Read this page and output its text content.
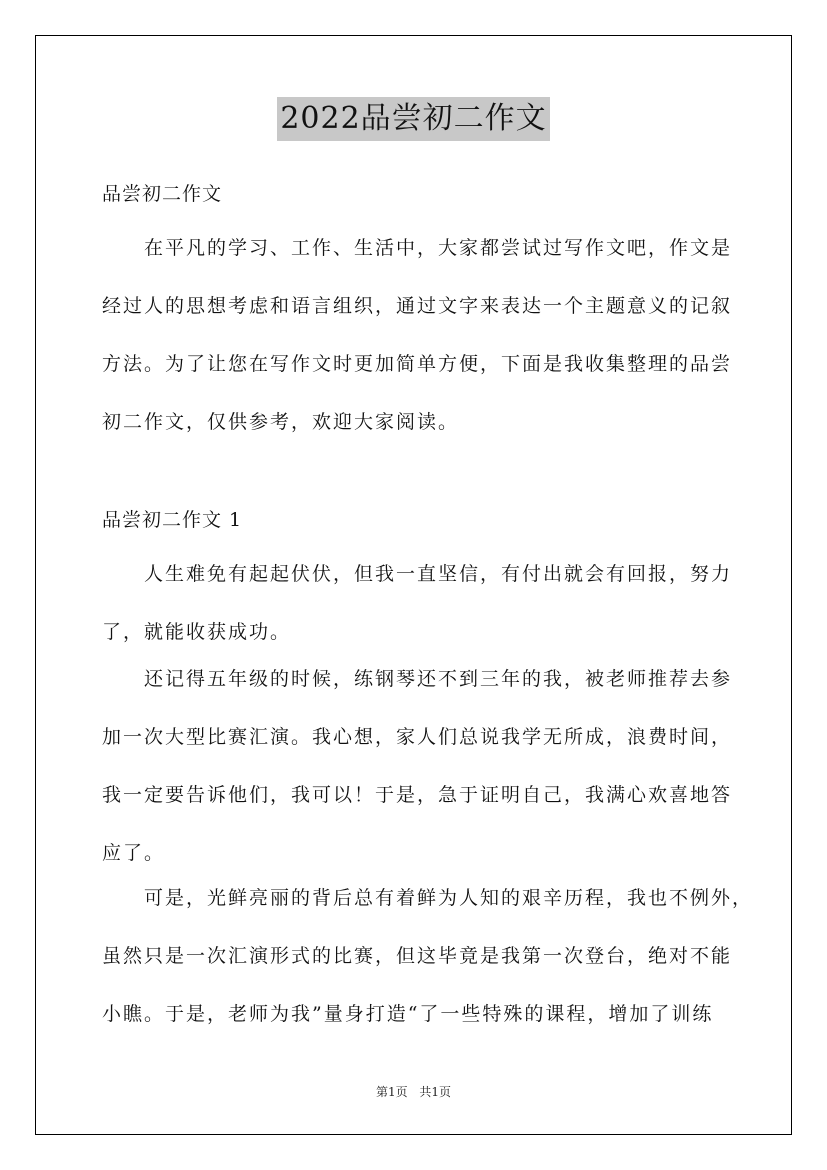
2022品尝初二作文
品尝初二作文
在平凡的学习、工作、生活中，大家都尝试过写作文吧，作文是
经过人的思想考虑和语言组织，通过文字来表达一个主题意义的记叙
方法。为了让您在写作文时更加简单方便，下面是我收集整理的品尝
初二作文，仅供参考，欢迎大家阅读。
品尝初二作文 1
人生难免有起起伏伏，但我一直坚信，有付出就会有回报，努力
了，就能收获成功。
还记得五年级的时候，练钢琴还不到三年的我，被老师推荐去参
加一次大型比赛汇演。我心想，家人们总说我学无所成，浪费时间，
我一定要告诉他们，我可以！于是，急于证明自己，我满心欢喜地答
应了。
可是，光鲜亮丽的背后总有着鲜为人知的艰辛历程，我也不例外，
虽然只是一次汇演形式的比赛，但这毕竟是我第一次登台，绝对不能
小瞧。于是，老师为我”量身打造“了一些特殊的课程，增加了训练
第1页 共1页
